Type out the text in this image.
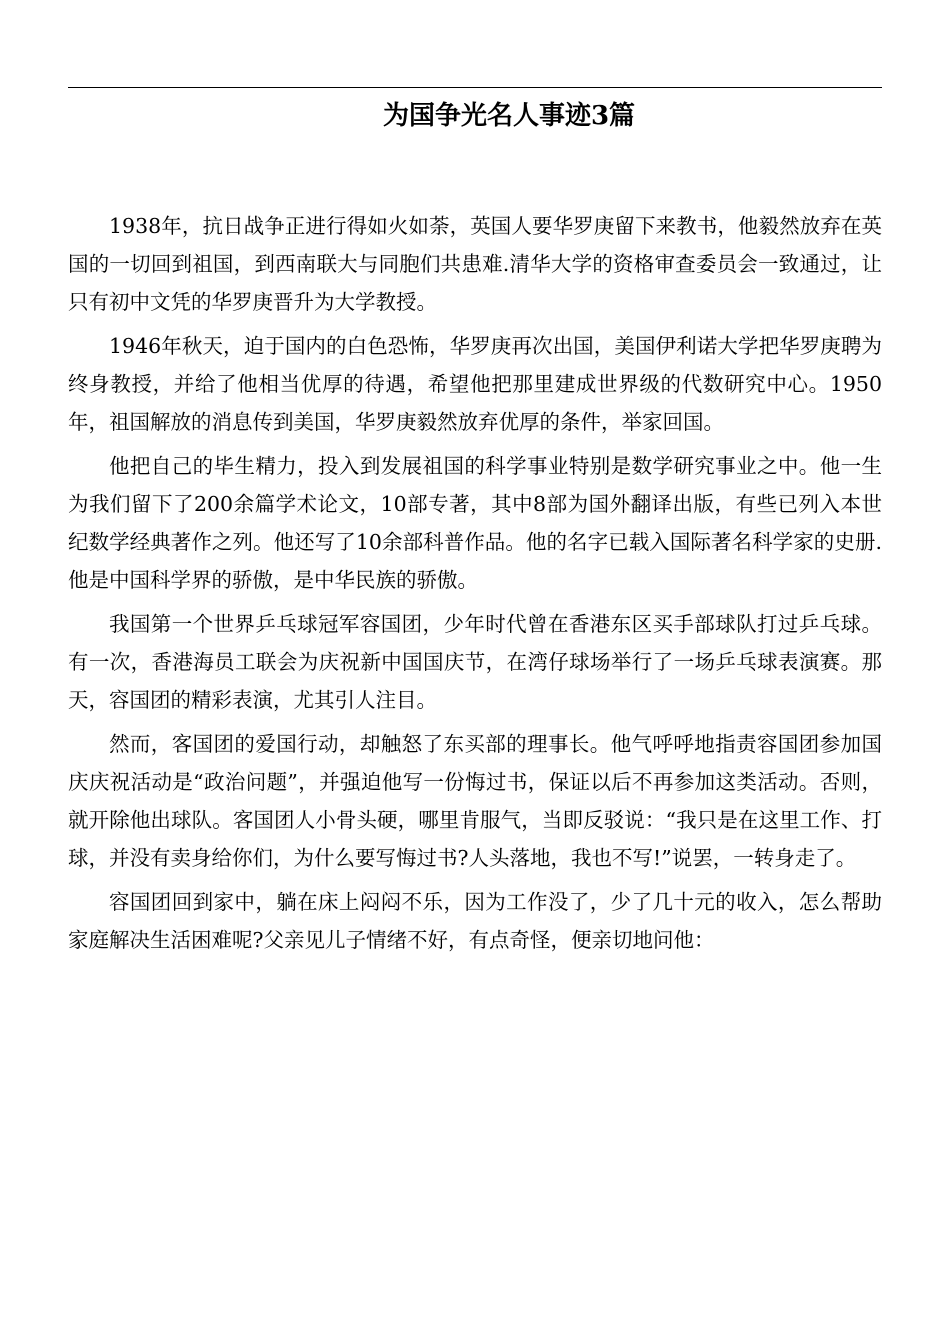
为国争光名人事迹3篇

1938年，抗日战争正进行得如火如荼，英国人要华罗庚留下来教书，他毅然放弃在英国的一切回到祖国，到西南联大与同胞们共患难.清华大学的资格审查委员会一致通过，让只有初中文凭的华罗庚晋升为大学教授。

1946年秋天，迫于国内的白色恐怖，华罗庚再次出国，美国伊利诺大学把华罗庚聘为终身教授，并给了他相当优厚的待遇，希望他把那里建成世界级的代数研究中心。1950年，祖国解放的消息传到美国，华罗庚毅然放弃优厚的条件，举家回国。

他把自己的毕生精力，投入到发展祖国的科学事业特别是数学研究事业之中。他一生为我们留下了200余篇学术论文，10部专著，其中8部为国外翻译出版，有些已列入本世纪数学经典著作之列。他还写了10余部科普作品。他的名字已载入国际著名科学家的史册.他是中国科学界的骄傲，是中华民族的骄傲。

我国第一个世界乒乓球冠军容国团，少年时代曾在香港东区买手部球队打过乒乓球。有一次，香港海员工联会为庆祝新中国国庆节，在湾仔球场举行了一场乒乓球表演赛。那天，容国团的精彩表演，尤其引人注目。

然而，客国团的爱国行动，却触怒了东买部的理事长。他气呼呼地指责容国团参加国庆庆祝活动是“政治问题”，并强迫他写一份悔过书，保证以后不再参加这类活动。否则，就开除他出球队。客国团人小骨头硬，哪里肯服气，当即反驳说：“我只是在这里工作、打球，并没有卖身给你们，为什么要写悔过书?人头落地，我也不写!”说罢，一转身走了。

容国团回到家中，躺在床上闷闷不乐，因为工作没了，少了几十元的收入，怎么帮助家庭解决生活困难呢?父亲见儿子情绪不好，有点奇怪，便亲切地问他：
